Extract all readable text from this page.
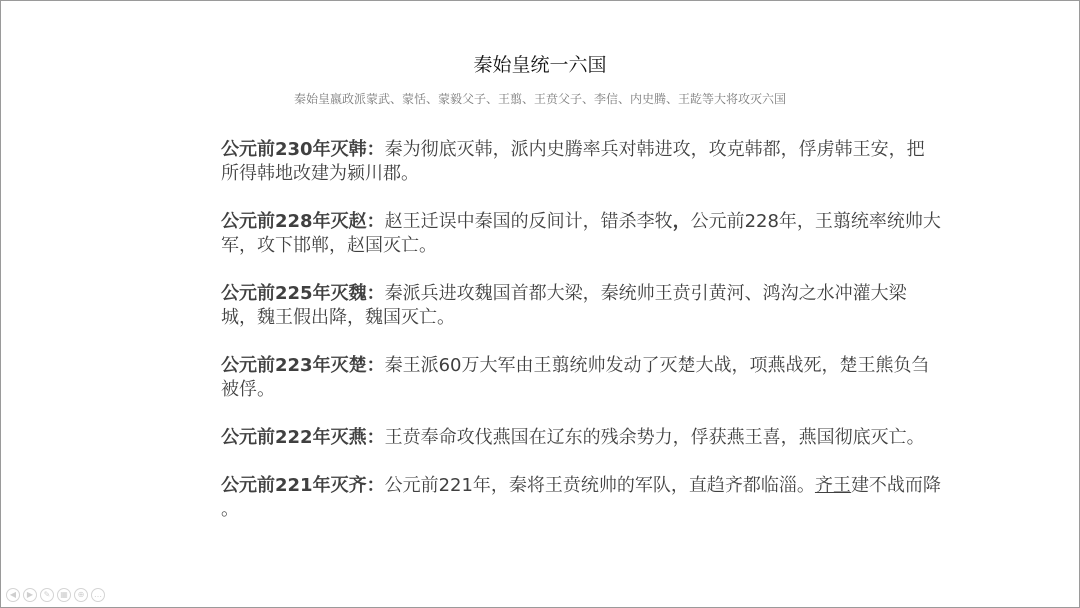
秦始皇统一六国
秦始皇嬴政派蒙武、蒙恬、蒙毅父子、王翦、王贲父子、李信、内史腾、王龁等大将攻灭六国

公元前230年灭韩：秦为彻底灭韩，派内史腾率兵对韩进攻，攻克韩都，俘虏韩王安，把所得韩地改建为颍川郡。

公元前228年灭赵：赵王迁误中秦国的反间计，错杀李牧，公元前228年，王翦统率统帅大军，攻下邯郸，赵国灭亡。

公元前225年灭魏：秦派兵进攻魏国首都大梁，秦统帅王贲引黄河、鸿沟之水冲灌大梁城，魏王假出降，魏国灭亡。

公元前223年灭楚：秦王派60万大军由王翦统帅发动了灭楚大战，项燕战死，楚王熊负刍被俘。

公元前222年灭燕：王贲奉命攻伐燕国在辽东的残余势力，俘获燕王喜，燕国彻底灭亡。

公元前221年灭齐：公元前221年，秦将王贲统帅的军队，直趋齐都临淄。齐王建不战而降 。

◀	▶	✎	▦	⊕	…
